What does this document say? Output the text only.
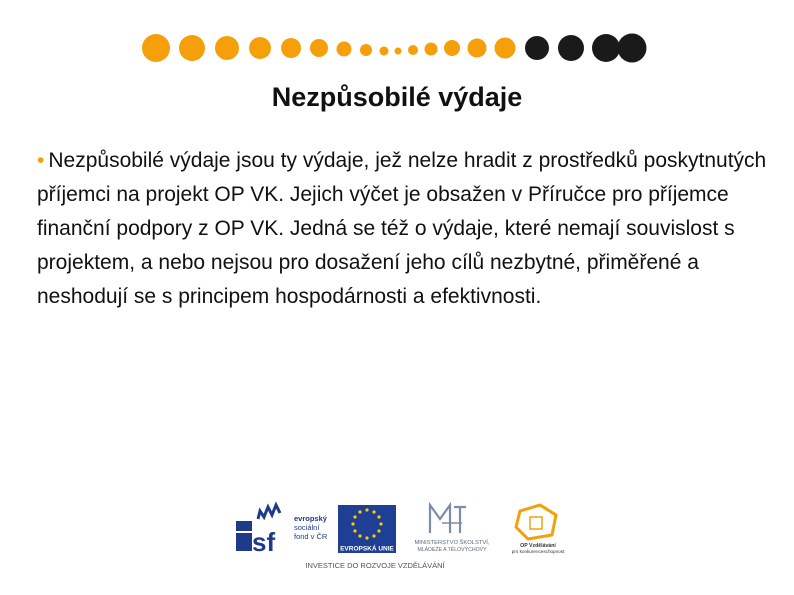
Nezpůsobilé výdaje
• Nezpůsobilé výdaje jsou ty výdaje, jež nelze hradit z prostředků poskytnutých příjemci na projekt OP VK. Jejich výčet je obsažen v Příručce pro příjemce finanční podpory z OP VK. Jedná se též o výdaje, které nemají souvislost s projektem, a nebo nejsou pro dosažení jeho cílů nezbytné, přiměřené a neshodují se s principem hospodárnosti a efektivnosti.
sf
evropský
sociální
fond v ČR
EVROPSKÁ UNIE
MINISTERSTVO ŠKOLSTVÍ,
MLÁDEŽE A TĚLOVÝCHOVY
OP Vzdělávání
pro konkurenceschopnost
INVESTICE DO ROZVOJE VZDĚLÁVÁNÍ
